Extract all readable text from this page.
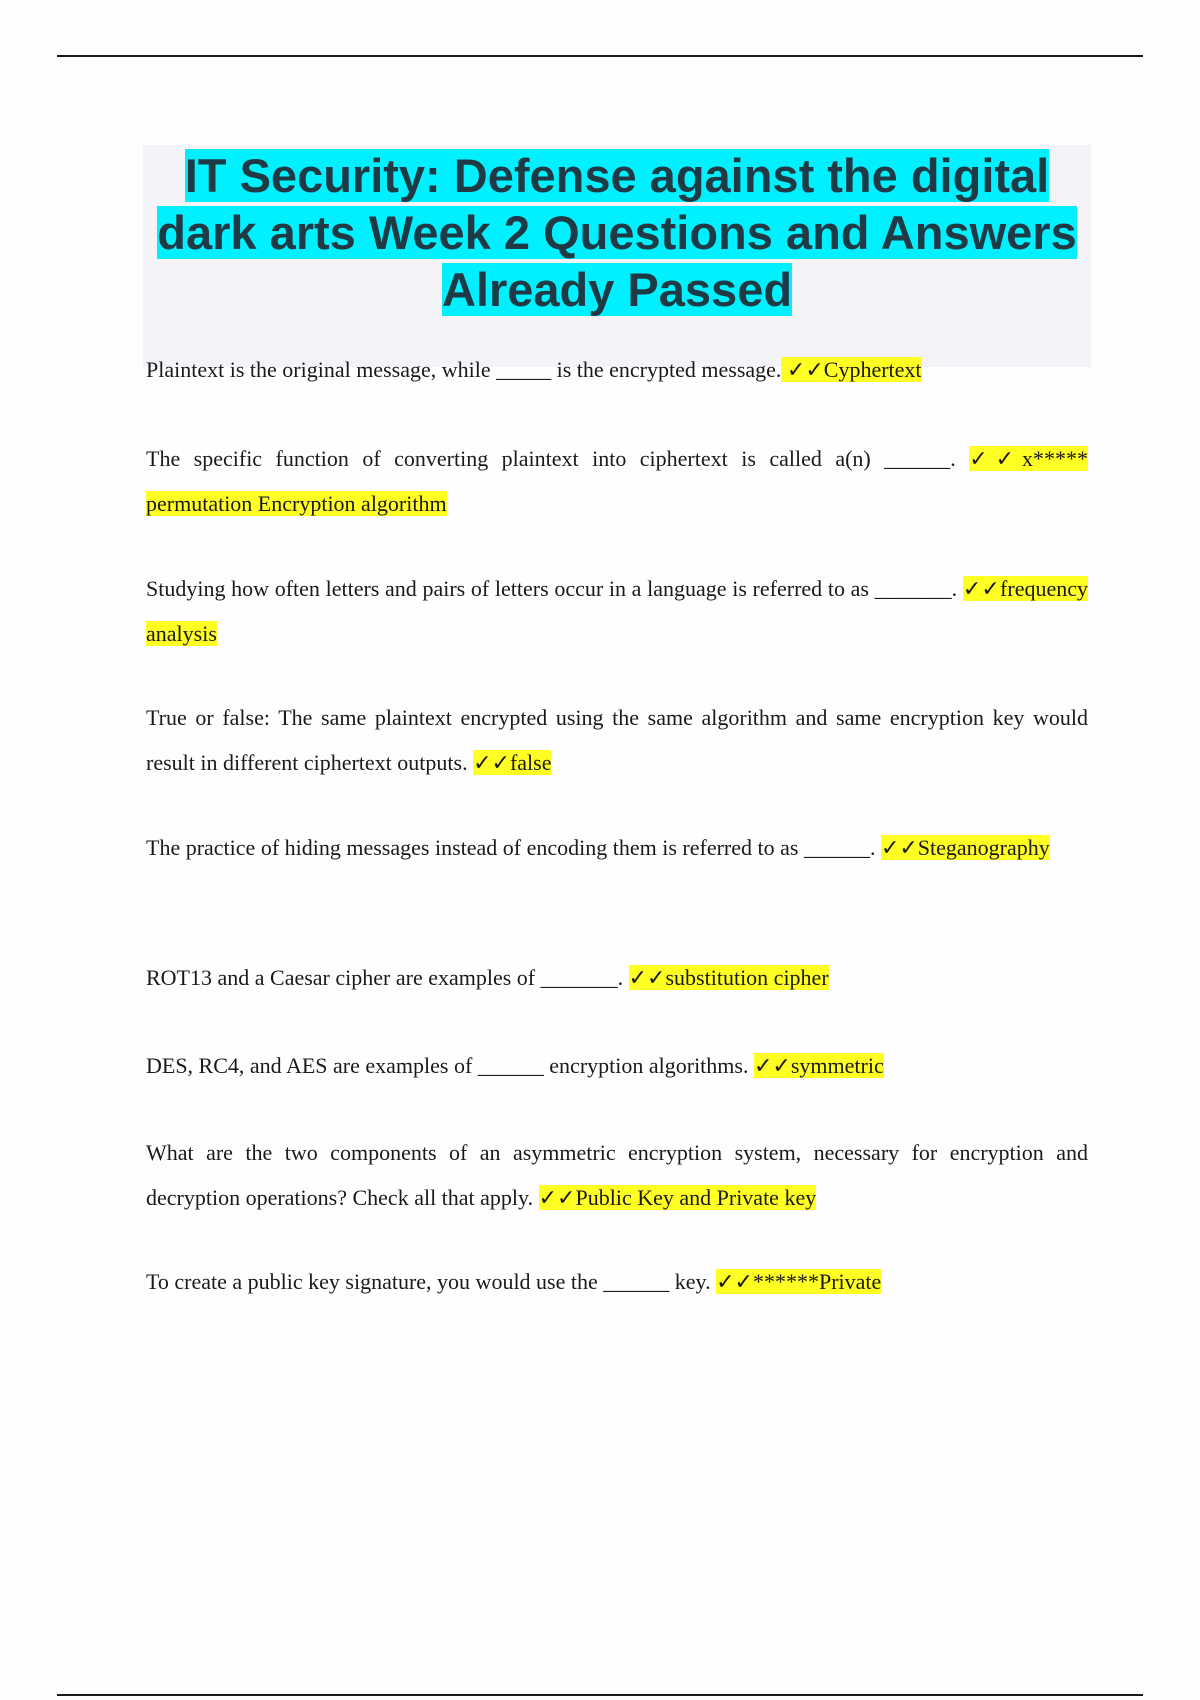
IT Security: Defense against the digital dark arts Week 2 Questions and Answers Already Passed

Plaintext is the original message, while _____ is the encrypted message. ✓✓Cyphertext

The specific function of converting plaintext into ciphertext is called a(n) ______. ✓✓x***** permutation Encryption algorithm

Studying how often letters and pairs of letters occur in a language is referred to as _______. ✓✓frequency analysis

True or false: The same plaintext encrypted using the same algorithm and same encryption key would result in different ciphertext outputs. ✓✓false

The practice of hiding messages instead of encoding them is referred to as ______. ✓✓Steganography

ROT13 and a Caesar cipher are examples of _______. ✓✓substitution cipher

DES, RC4, and AES are examples of ______ encryption algorithms. ✓✓symmetric

What are the two components of an asymmetric encryption system, necessary for encryption and decryption operations? Check all that apply. ✓✓Public Key and Private key

To create a public key signature, you would use the ______ key. ✓✓******Private
